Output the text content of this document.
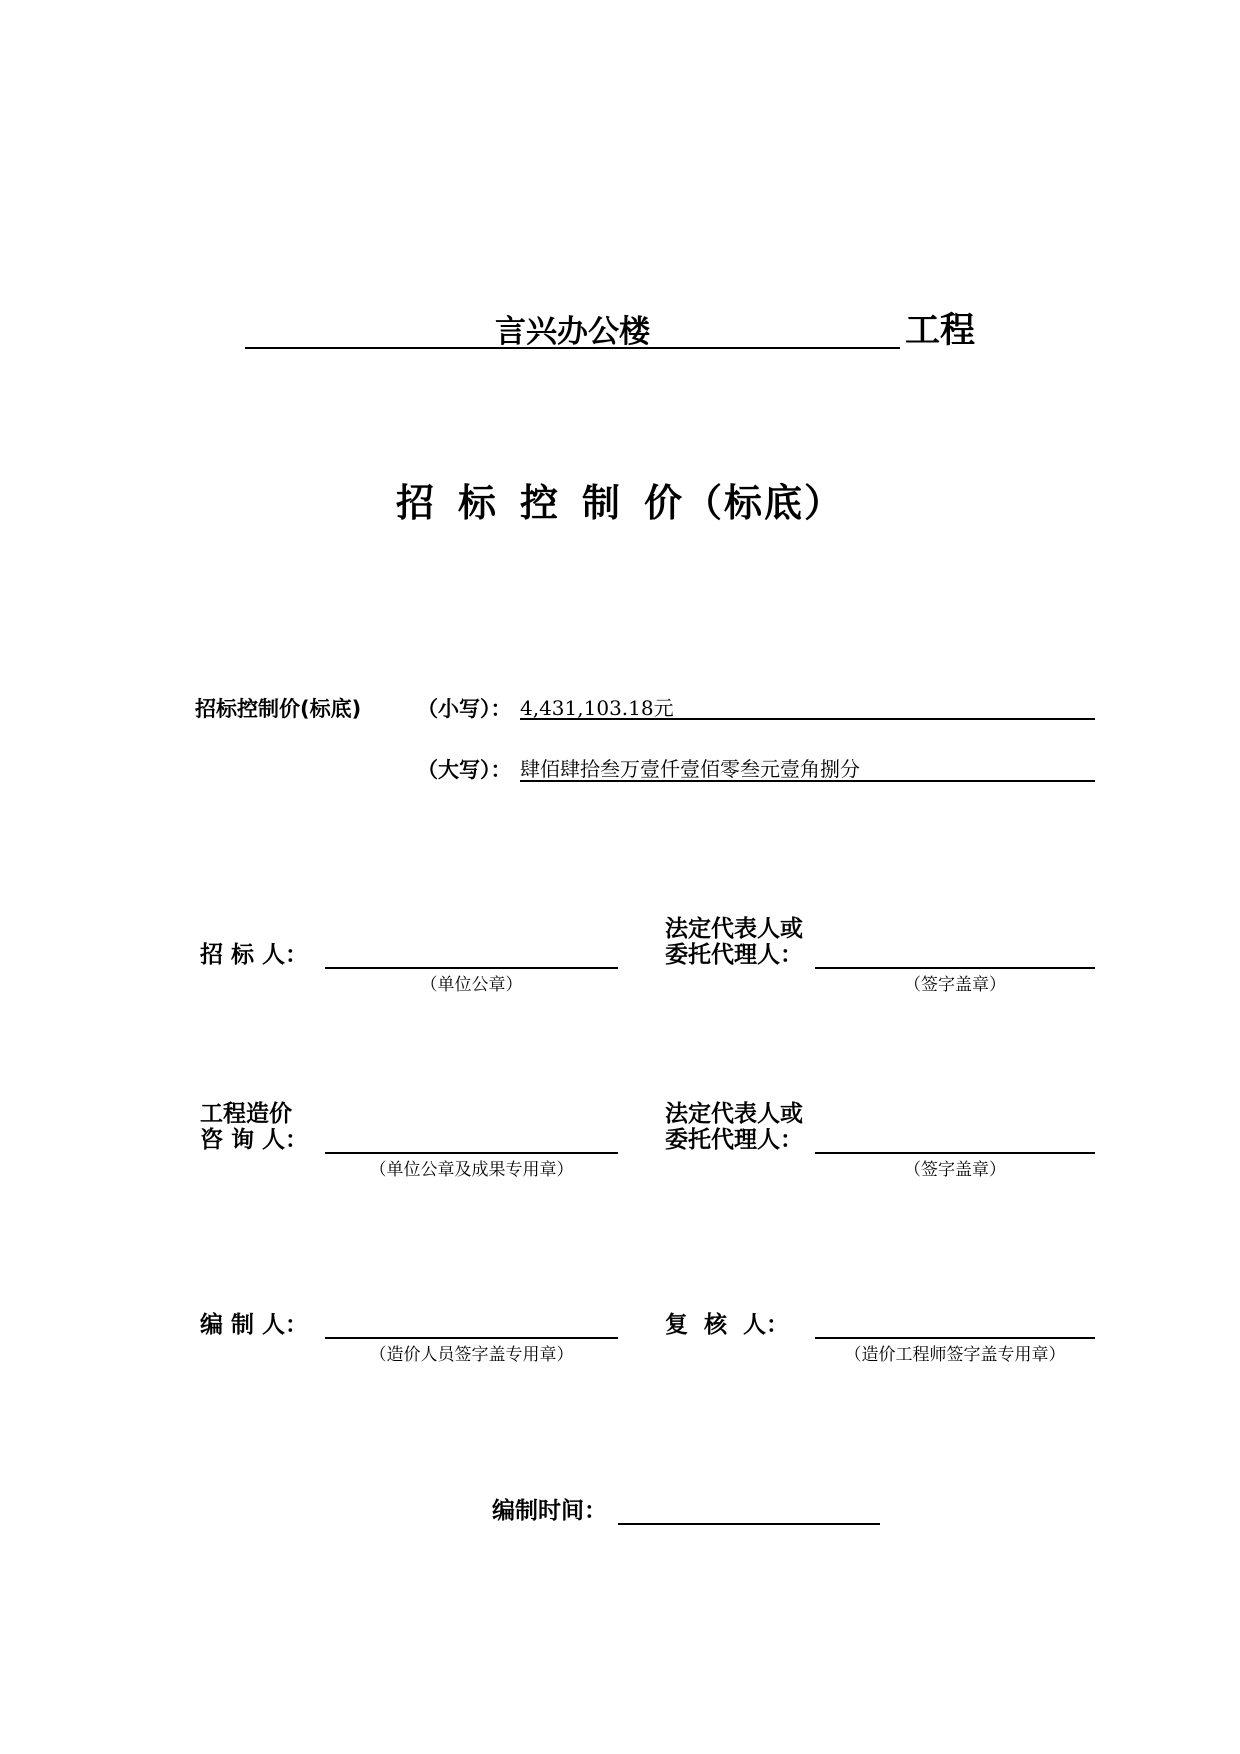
言兴办公楼	工程
招 标 控 制 价（标底）
招标控制价(标底)	（小写）： 4,431,103.18元
（大写）： 肆佰肆拾叁万壹仟壹佰零叁元壹角捌分
招 标 人：
（单位公章）
法定代表人或
委托代理人：
（签字盖章）
工程造价
咨 询 人：
（单位公章及成果专用章）
法定代表人或
委托代理人：
（签字盖章）
编 制 人：
（造价人员签字盖专用章）
复  核  人：
（造价工程师签字盖专用章）
编制时间：
